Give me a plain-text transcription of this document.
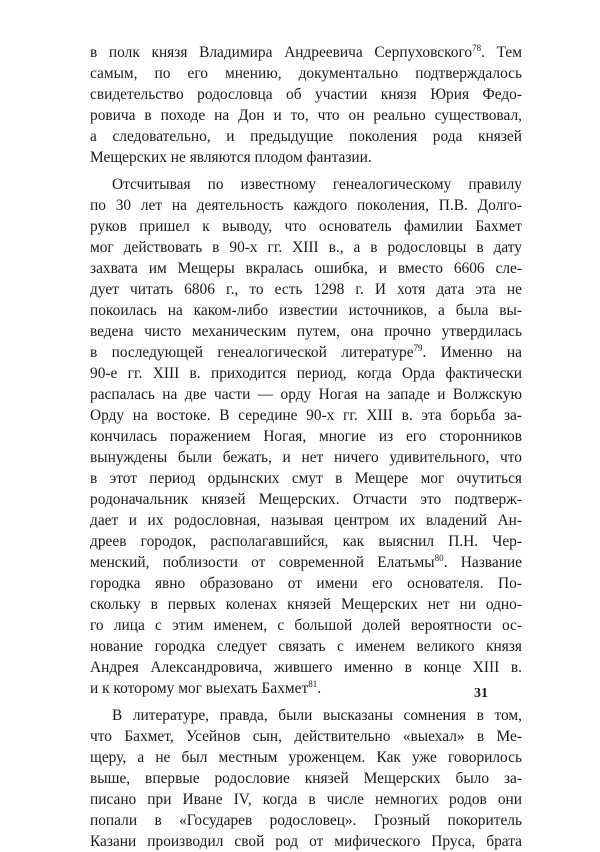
в полк князя Владимира Андреевича Серпуховского$^{78}$. Тем
самым, по его мнению, документально подтверждалось
свидетельство родословца об участии князя Юрия Федо-
ровича в походе на Дон и то, что он реально существовал,
а следовательно, и предыдущие поколения рода князей
Мещерских не являются плодом фантазии.

Отсчитывая по известному генеалогическому правилу
по 30 лет на деятельность каждого поколения, П.В. Долго-
руков пришел к выводу, что основатель фамилии Бахмет
мог действовать в 90-х гг. XIII в., а в родословцы в дату
захвата им Мещеры вкралась ошибка, и вместо 6606 сле-
дует читать 6806 г., то есть 1298 г. И хотя дата эта не
покоилась на каком-либо известии источников, а была вы-
ведена чисто механическим путем, она прочно утвердилась
в последующей генеалогической литературе$^{79}$. Именно на
90-е гг. XIII в. приходится период, когда Орда фактически
распалась на две части — орду Ногая на западе и Волжскую
Орду на востоке. В середине 90-х гг. XIII в. эта борьба за-
кончилась поражением Ногая, многие из его сторонников
вынуждены были бежать, и нет ничего удивительного, что
в этот период ордынских смут в Мещере мог очутиться
родоначальник князей Мещерских. Отчасти это подтверж-
дает и их родословная, называя центром их владений Ан-
дреев городок, располагавшийся, как выяснил П.Н. Чер-
менский, поблизости от современной Елатьмы$^{80}$. Название
городка явно образовано от имени его основателя. По-
скольку в первых коленах князей Мещерских нет ни одно-
го лица с этим именем, с большой долей вероятности ос-
нование городка следует связать с именем великого князя
Андрея Александровича, жившего именно в конце XIII в.
и к которому мог выехать Бахмет$^{81}$.

В литературе, правда, были высказаны сомнения в том,
что Бахмет, Усейнов сын, действительно «выехал» в Ме-
щеру, а не был местным уроженцем. Как уже говорилось
выше, впервые родословие князей Мещерских было за-
писано при Иване IV, когда в числе немногих родов они
попали в «Государев родословец». Грозный покоритель
Казани производил свой род от мифического Пруса, брата

31
